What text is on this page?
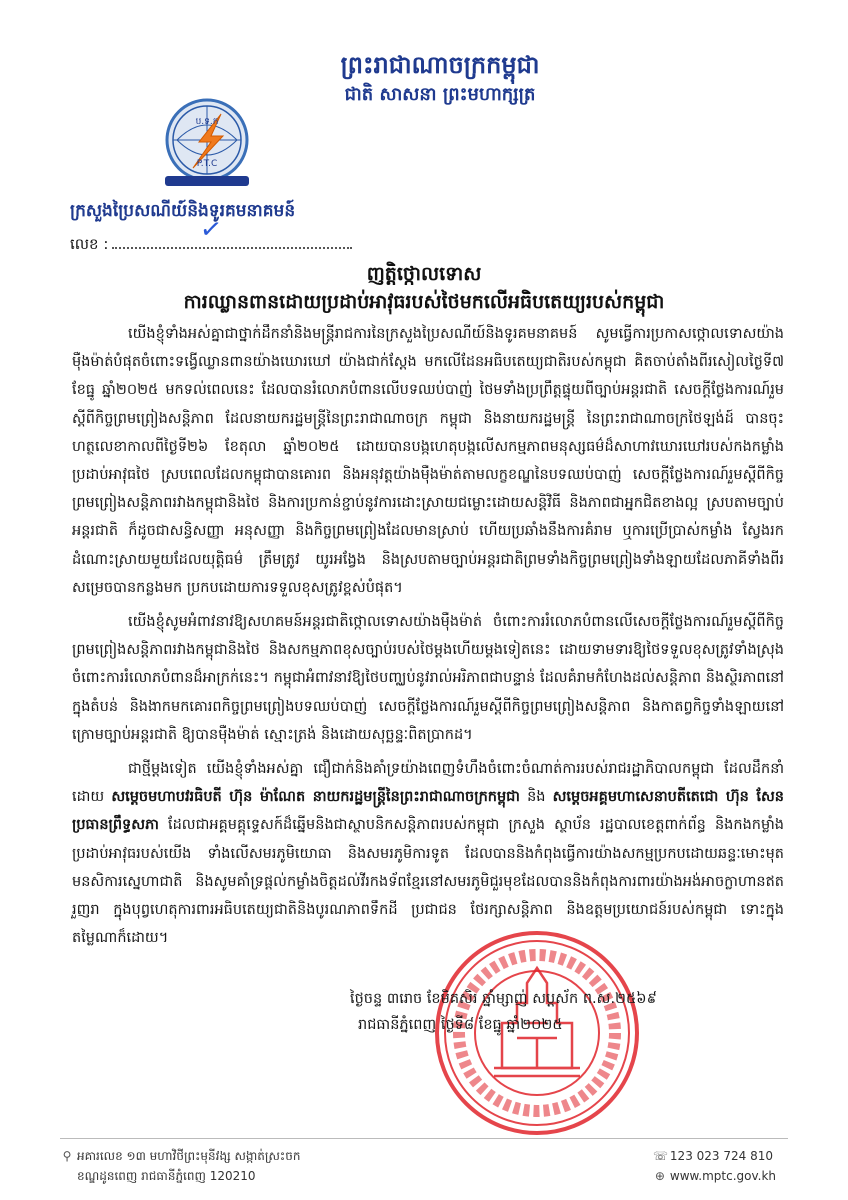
ព្រះរាជាណាចក្រកម្ពុជា
ជាតិ សាសនា ព្រះមហាក្សត្រ
ប.ទ.ក
P.T.C
ក្រសួងប្រៃសណីយ៍និងទូរគមនាគមន៍
លេខ :	✓
ញត្តិថ្កោលទោស
ការឈ្លានពានដោយប្រដាប់អាវុធរបស់ថៃមកលើអធិបតេយ្យរបស់កម្ពុជា

យើងខ្ញុំទាំងអស់គ្នាជាថ្នាក់ដឹកនាំនិងមន្ត្រីរាជការនៃក្រសួងប្រៃសណីយ៍និងទូរគមនាគមន៍ សូមធ្វើការប្រកាសថ្កោលទោសយ៉ាងម៉ឺងម៉ាត់បំផុតចំពោះទង្វើឈ្លានពានយ៉ាងឃោរឃៅ យ៉ាងជាក់ស្តែង មកលើដែនអធិបតេយ្យជាតិរបស់កម្ពុជា គិតចាប់តាំងពីរសៀលថ្ងៃទី៧ ខែធ្នូ ឆ្នាំ២០២៥ មកទល់ពេលនេះ ដែលបានរំលោភបំពានលើបទឈប់បាញ់ ថៃមទាំងប្រព្រឹត្តផ្ទុយពីច្បាប់អន្តរជាតិ សេចក្តីថ្លែងការណ៍រួមស្តីពីកិច្ចព្រមព្រៀងសន្តិភាព ដែលនាយករដ្ឋមន្ត្រីនៃព្រះរាជាណាចក្រ កម្ពុជា និងនាយករដ្ឋមន្ត្រី នៃព្រះរាជាណាចក្រថៃឡង់ដ៍ បានចុះហត្ថលេខាកាលពីថ្ងៃទី២៦ ខែតុលា ឆ្នាំ២០២៥ ដោយបានបង្កហេតុបង្កលើសកម្មភាពមនុស្សធម៌ដ៏សាហាវឃោរឃៅរបស់កងកម្លាំងប្រដាប់អាវុធថៃ ស្របពេលដែលកម្ពុជាបានគោរព និងអនុវត្តយ៉ាងម៉ឺងម៉ាត់តាមលក្ខខណ្ឌនៃបទឈប់បាញ់ សេចក្តីថ្លែងការណ៍រួមស្តីពីកិច្ចព្រមព្រៀងសន្តិភាពរវាងកម្ពុជានិងថៃ និងការប្រកាន់ខ្ជាប់នូវការដោះស្រាយជម្លោះដោយសន្តិវិធី និងភាពជាអ្នកជិតខាងល្អ ស្របតាមច្បាប់អន្តរជាតិ ក៏ដូចជាសន្ធិសញ្ញា អនុសញ្ញា និងកិច្ចព្រមព្រៀងដែលមានស្រាប់ ហើយប្រឆាំងនឹងការគំរាម ឬការប្រើប្រាស់កម្លាំង ស្វែងរកដំណោះស្រាយមួយដែលយុត្តិធម៌ ត្រឹមត្រូវ យូរអង្វែង និងស្របតាមច្បាប់អន្តរជាតិព្រមទាំងកិច្ចព្រមព្រៀងទាំងឡាយដែលភាគីទាំងពីរសម្រេចបានកន្លងមក ប្រកបដោយការទទួលខុសត្រូវខ្ពស់បំផុត។

យើងខ្ញុំសូមអំពាវនាវឱ្យសហគមន៍អន្តរជាតិថ្កោលទោសយ៉ាងម៉ឺងម៉ាត់ ចំពោះការរំលោភបំពានលើសេចក្តីថ្លែងការណ៍រួមស្តីពីកិច្ចព្រមព្រៀងសន្តិភាពរវាងកម្ពុជានិងថៃ និងសកម្មភាពខុសច្បាប់របស់ថៃម្តងហើយម្តងទៀតនេះ ដោយទាមទារឱ្យថៃទទួលខុសត្រូវទាំងស្រុងចំពោះការរំលោភបំពានដ៏អាក្រក់នេះ។ កម្ពុជាអំពាវនាវឱ្យថៃបញ្ឈប់នូវរាល់អរិភាពជាបន្ទាន់ ដែលគំរាមកំហែងដល់សន្តិភាព និងស្ថិរភាពនៅក្នុងតំបន់ និងងាកមកគោរពកិច្ចព្រមព្រៀងបទឈប់បាញ់ សេចក្តីថ្លែងការណ៍រួមស្តីពីកិច្ចព្រមព្រៀងសន្តិភាព និងកាតព្វកិច្ចទាំងឡាយនៅក្រោមច្បាប់អន្តរជាតិ ឱ្យបានម៉ឺងម៉ាត់ ស្មោះត្រង់ និងដោយសុច្ឆន្ទៈពិតប្រាកដ។

ជាថ្មីម្តងទៀត យើងខ្ញុំទាំងអស់គ្នា ជឿជាក់និងគាំទ្រយ៉ាងពេញទំហឹងចំពោះចំណាត់ការរបស់រាជរដ្ឋាភិបាលកម្ពុជា ដែលដឹកនាំដោយ សម្តេចមហាបវរធិបតី ហ៊ុន ម៉ាណែត នាយករដ្ឋមន្ត្រីនៃព្រះរាជាណាចក្រកម្ពុជា និង សម្តេចអគ្គមហាសេនាបតីតេជោ ហ៊ុន សែន ប្រធានព្រឹទ្ធសភា ដែលជាអគ្គមគ្គុទ្ទេសក៍ដ៏ឆ្នើមនិងជាស្ថាបនិកសន្តិភាពរបស់កម្ពុជា ក្រសួង ស្ថាប័ន រដ្ឋបាលខេត្តពាក់ព័ន្ធ និងកងកម្លាំងប្រដាប់អាវុធរបស់យើង ទាំងលើសមរភូមិយោធា និងសមរភូមិការទូត ដែលបាននិងកំពុងធ្វើការយ៉ាងសកម្មប្រកបដោយឆន្ទៈមោះមុត មនសិការស្នេហាជាតិ និងសូមគាំទ្រផ្តល់កម្លាំងចិត្តដល់វីរកងទ័ពខ្មែរនៅសមរភូមិជួរមុខដែលបាននិងកំពុងការពារយ៉ាងអង់អាចក្លាហានឥតរួញរា ក្នុងបុព្វហេតុការពារអធិបតេយ្យជាតិនិងបូរណភាពទឹកដី ប្រជាជន ថែរក្សាសន្តិភាព និងឧត្តមប្រយោជន៍របស់កម្ពុជា ទោះក្នុងតម្លៃណាក៏ដោយ។

ថ្ងៃចន្ទ ៣រោច ខែមិគសិរ ឆ្នាំម្សាញ់ សប្តស័ក ព.ស.២៥៦៩
រាជធានីភ្នំពេញ ថ្ងៃទី៨ ខែធ្នូ ឆ្នាំ២០២៥
⚲ អគារលេខ ១៣ មហាវិថីព្រះមុនីវង្ស សង្កាត់ស្រះចក
ខណ្ឌដូនពេញ រាជធានីភ្នំពេញ 120210
☏ 123 023 724 810
⊕ www.mptc.gov.kh
